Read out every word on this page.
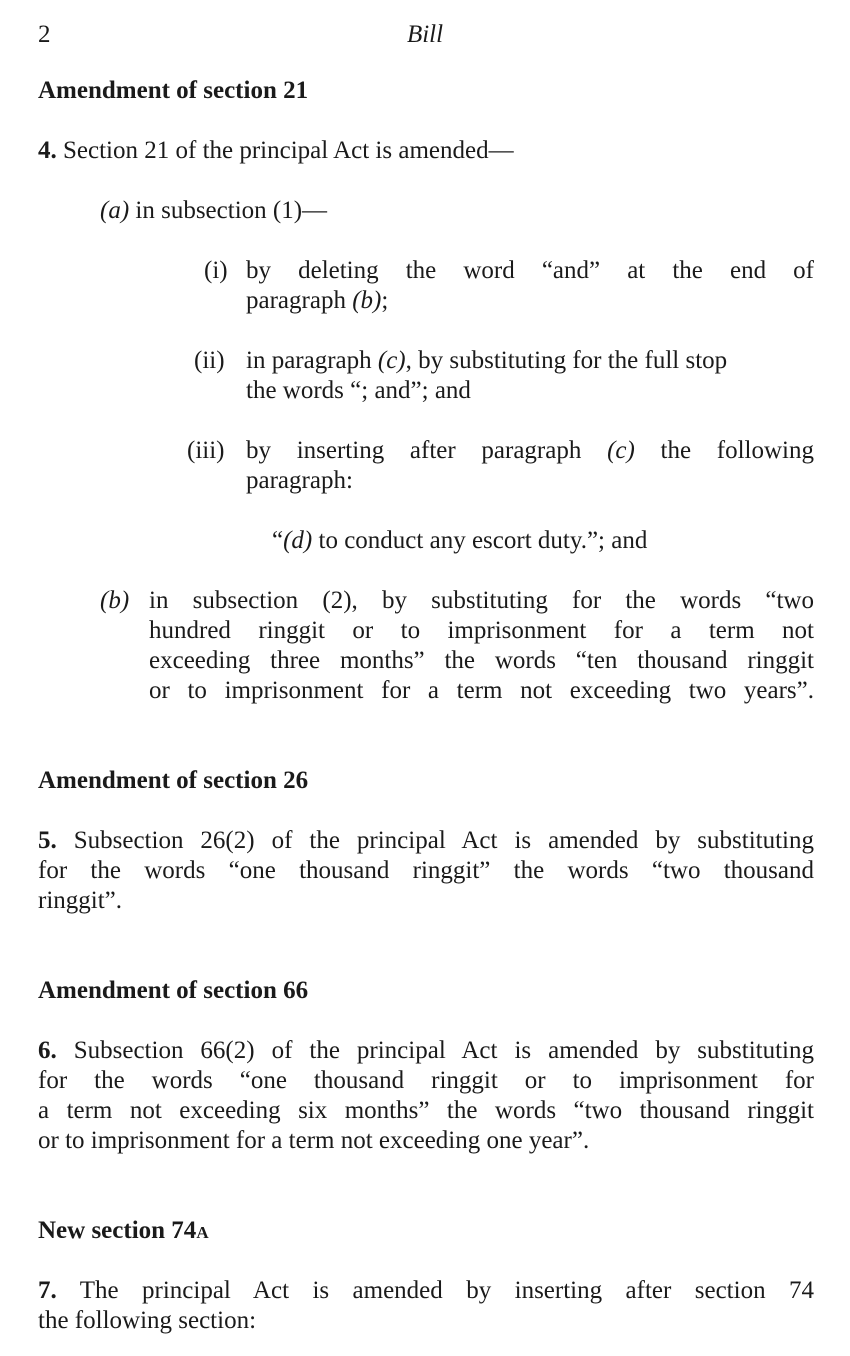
2	Bill
Amendment of section 21
4. Section 21 of the principal Act is amended—
(a) in subsection (1)—
(i) by deleting the word “and” at the end of
paragraph (b);
(ii) in paragraph (c), by substituting for the full stop
the words “; and”; and
(iii) by inserting after paragraph (c) the following
paragraph:
“(d) to conduct any escort duty.”; and
(b) in subsection (2), by substituting for the words “two
hundred ringgit or to imprisonment for a term not
exceeding three months” the words “ten thousand ringgit
or to imprisonment for a term not exceeding two years”.
Amendment of section 26
5. Subsection 26(2) of the principal Act is amended by substituting
for the words “one thousand ringgit” the words “two thousand
ringgit”.
Amendment of section 66
6. Subsection 66(2) of the principal Act is amended by substituting
for the words “one thousand ringgit or to imprisonment for
a term not exceeding six months” the words “two thousand ringgit
or to imprisonment for a term not exceeding one year”.
New section 74A
7. The principal Act is amended by inserting after section 74
the following section:
